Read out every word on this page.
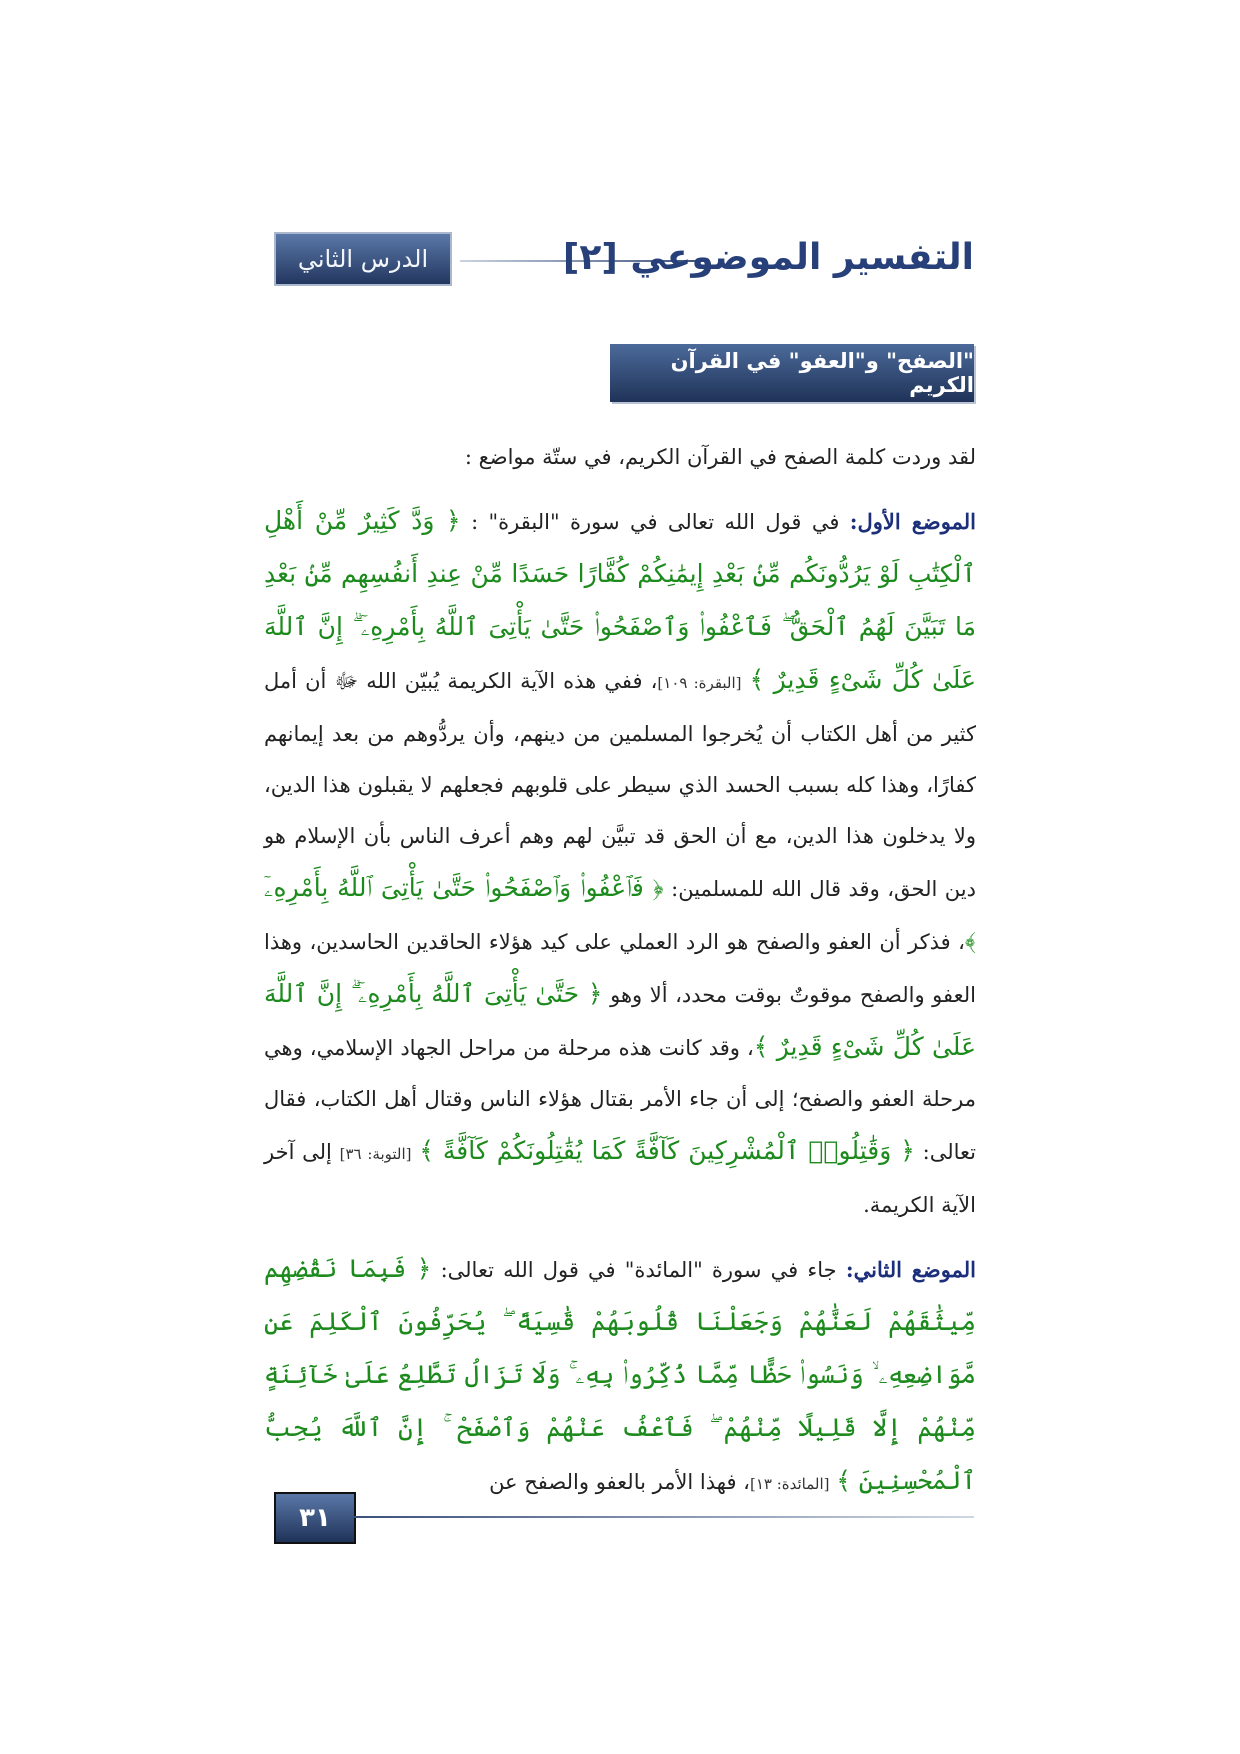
الدرس الثاني	التفسير الموضوعي [٢]
"الصفح" و"العفو" في القرآن الكريم

لقد وردت كلمة الصفح في القرآن الكريم، في ستّة مواضع :

الموضع الأول: في قول الله تعالى في سورة "البقرة" : ﴿ وَدَّ كَثِيرٌ مِّنْ أَهْلِ ٱلْكِتَٰبِ لَوْ يَرُدُّونَكُم مِّنۢ بَعْدِ إِيمَٰنِكُمْ كُفَّارًا حَسَدًا مِّنْ عِندِ أَنفُسِهِم مِّنۢ بَعْدِ مَا تَبَيَّنَ لَهُمُ ٱلْحَقُّ ۖ فَٱعْفُوا۟ وَٱصْفَحُوا۟ حَتَّىٰ يَأْتِىَ ٱللَّهُ بِأَمْرِهِۦٓ ۗ إِنَّ ٱللَّهَ عَلَىٰ كُلِّ شَىْءٍ قَدِيرٌ ﴾ [البقرة: ١٠٩]، ففي هذه الآية الكريمة يُبيّن الله ﷻ أن أمل كثير من أهل الكتاب أن يُخرجوا المسلمين من دينهم، وأن يردُّوهم من بعد إيمانهم كفارًا، وهذا كله بسبب الحسد الذي سيطر على قلوبهم فجعلهم لا يقبلون هذا الدين، ولا يدخلون هذا الدين، مع أن الحق قد تبيَّن لهم وهم أعرف الناس بأن الإسلام هو دين الحق، وقد قال الله للمسلمين: ﴿ فَٱعْفُوا۟ وَٱصْفَحُوا۟ حَتَّىٰ يَأْتِىَ ٱللَّهُ بِأَمْرِهِۦٓ ﴾، فذكر أن العفو والصفح هو الرد العملي على كيد هؤلاء الحاقدين الحاسدين، وهذا العفو والصفح موقوتٌ بوقت محدد، ألا وهو ﴿ حَتَّىٰ يَأْتِىَ ٱللَّهُ بِأَمْرِهِۦٓ ۗ إِنَّ ٱللَّهَ عَلَىٰ كُلِّ شَىْءٍ قَدِيرٌ ﴾، وقد كانت هذه مرحلة من مراحل الجهاد الإسلامي، وهي مرحلة العفو والصفح؛ إلى أن جاء الأمر بقتال هؤلاء الناس وقتال أهل الكتاب، فقال تعالى: ﴿ وَقَٰتِلُوا۟ ٱلْمُشْرِكِينَ كَآفَّةً كَمَا يُقَٰتِلُونَكُمْ كَآفَّةً ﴾ [التوبة: ٣٦] إلى آخر الآية الكريمة.

الموضع الثاني: جاء في سورة "المائدة" في قول الله تعالى: ﴿ فَبِمَا نَقْضِهِم مِّيثَٰقَهُمْ لَعَنَّٰهُمْ وَجَعَلْنَا قُلُوبَهُمْ قَٰسِيَةً ۖ يُحَرِّفُونَ ٱلْكَلِمَ عَن مَّوَاضِعِهِۦ ۙ وَنَسُوا۟ حَظًّا مِّمَّا ذُكِّرُوا۟ بِهِۦ ۚ وَلَا تَزَالُ تَطَّلِعُ عَلَىٰ خَآئِنَةٍ مِّنْهُمْ إِلَّا قَلِيلًا مِّنْهُمْ ۖ فَٱعْفُ عَنْهُمْ وَٱصْفَحْ ۚ إِنَّ ٱللَّهَ يُحِبُّ ٱلْمُحْسِنِينَ ﴾ [المائدة: ١٣]، فهذا الأمر بالعفو والصفح عن

٣١
